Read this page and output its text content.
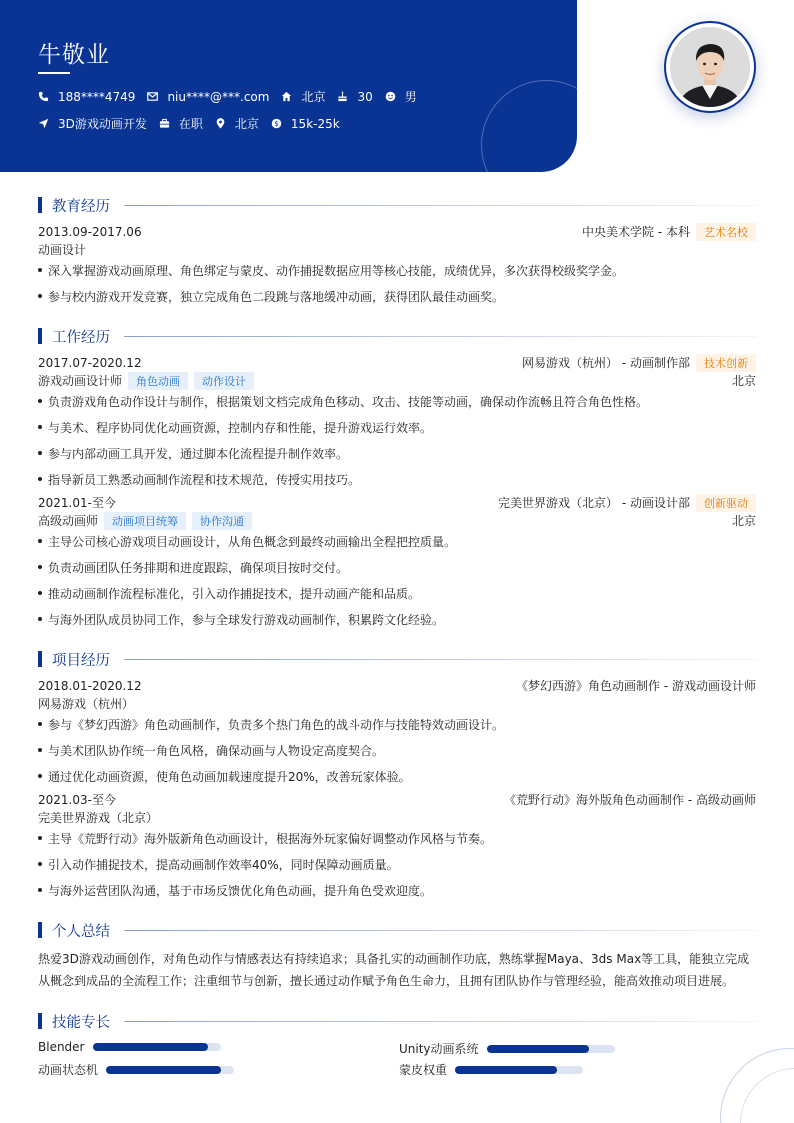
牛敬业
188****4749	niu****@***.com	北京	30	男
3D游戏动画开发	在职	北京 $ 15k-25k
教育经历
2013.09-2017.06	中央美术学院 - 本科	艺术名校
动画设计
深入掌握游戏动画原理、角色绑定与蒙皮、动作捕捉数据应用等核心技能，成绩优异，多次获得校级奖学金。
参与校内游戏开发竞赛，独立完成角色二段跳与落地缓冲动画，获得团队最佳动画奖。
工作经历
2017.07-2020.12	网易游戏（杭州） - 动画制作部	技术创新
游戏动画设计师	角色动画	动作设计	北京
负责游戏角色动作设计与制作，根据策划文档完成角色移动、攻击、技能等动画，确保动作流畅且符合角色性格。
与美术、程序协同优化动画资源，控制内存和性能，提升游戏运行效率。
参与内部动画工具开发，通过脚本化流程提升制作效率。
指导新员工熟悉动画制作流程和技术规范，传授实用技巧。
2021.01-至今	完美世界游戏（北京） - 动画设计部	创新驱动
高级动画师	动画项目统筹	协作沟通	北京
主导公司核心游戏项目动画设计，从角色概念到最终动画输出全程把控质量。
负责动画团队任务排期和进度跟踪，确保项目按时交付。
推动动画制作流程标准化，引入动作捕捉技术，提升动画产能和品质。
与海外团队成员协同工作，参与全球发行游戏动画制作，积累跨文化经验。
项目经历
2018.01-2020.12	《梦幻西游》角色动画制作 - 游戏动画设计师
网易游戏（杭州）
参与《梦幻西游》角色动画制作，负责多个热门角色的战斗动作与技能特效动画设计。
与美术团队协作统一角色风格，确保动画与人物设定高度契合。
通过优化动画资源，使角色动画加载速度提升20%，改善玩家体验。
2021.03-至今	《荒野行动》海外版角色动画制作 - 高级动画师
完美世界游戏（北京）
主导《荒野行动》海外版新角色动画设计，根据海外玩家偏好调整动作风格与节奏。
引入动作捕捉技术，提高动画制作效率40%，同时保障动画质量。
与海外运营团队沟通，基于市场反馈优化角色动画，提升角色受欢迎度。
个人总结
热爱3D游戏动画创作，对角色动作与情感表达有持续追求；具备扎实的动画制作功底，熟练掌握Maya、3ds Max等工具，能独立完成从概念到成品的全流程工作；注重细节与创新，擅长通过动作赋予角色生命力，且拥有团队协作与管理经验，能高效推动项目进展。
技能专长
Blender	Unity动画系统
动画状态机	蒙皮权重
